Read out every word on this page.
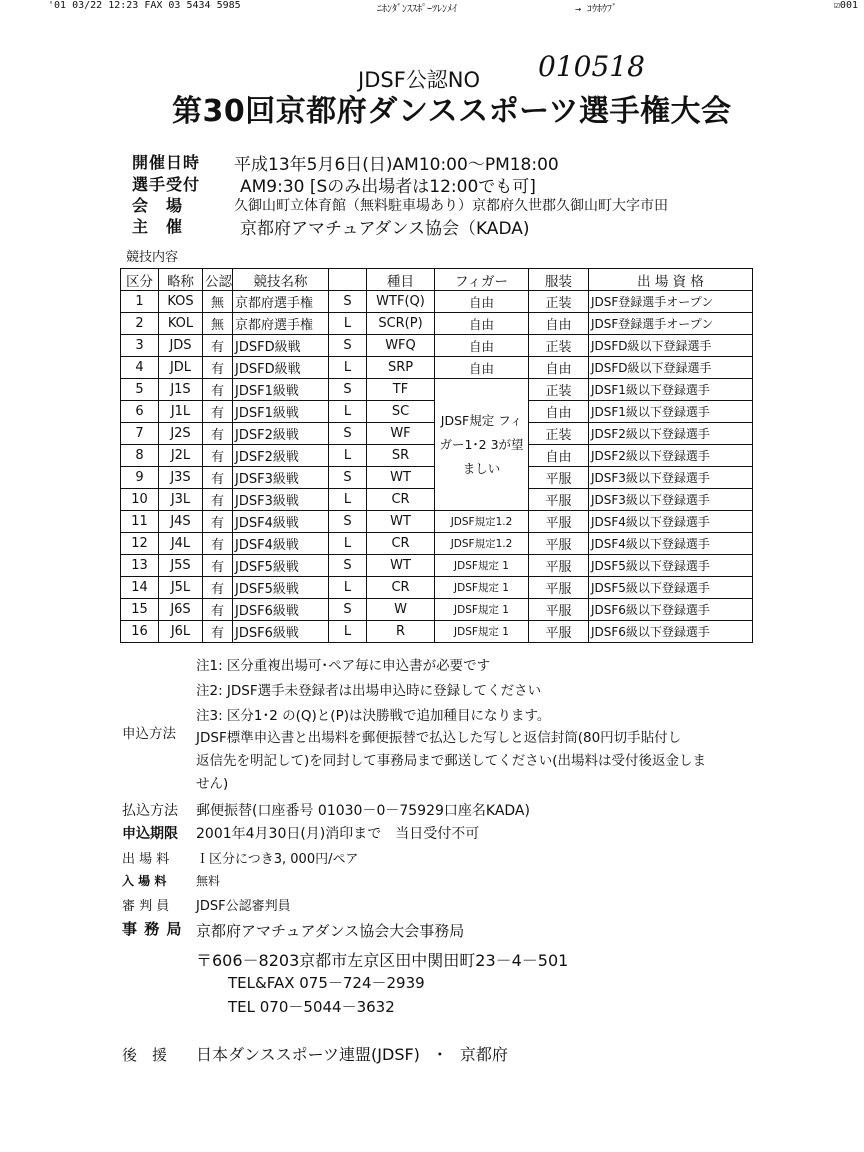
'01 03/22 12:23 FAX 03 5434 5985	ﾆﾎﾝﾀﾞﾝｽｽﾎﾟｰﾂﾚﾝﾒｲ	→ ｺｳﾎｳﾌﾞ	☑001
JDSF公認NO 010518
第30回京都府ダンススポーツ選手権大会
開催日時 平成13年5月6日(日)AM10:00～PM18:00
選手受付 AM9:30 [Sのみ出場者は12:00でも可]
会　場	久御山町立体育館（無料駐車場あり）京都府久世郡久御山町大字市田
主　催	京都府アマチュアダンス協会（KADA)
競技内容
区分	略称	公認	競技名称		種目	フィガー	服装	出 場 資 格
1	KOS	無	京都府選手権	S	WTF(Q)	自由	正装	JDSF登録選手オープン
2	KOL	無	京都府選手権	L	SCR(P)	自由	自由	JDSF登録選手オープン
3	JDS	有	JDSFD級戦	S	WFQ	自由	正装	JDSFD級以下登録選手
4	JDL	有	JDSFD級戦	L	SRP	自由	自由	JDSFD級以下登録選手
5	J1S	有	JDSF1級戦	S	TF	JDSF規定 フィガー1･2 3が望ましい	正装	JDSF1級以下登録選手
6	J1L	有	JDSF1級戦	L	SC		自由	JDSF1級以下登録選手
7	J2S	有	JDSF2級戦	S	WF		正装	JDSF2級以下登録選手
8	J2L	有	JDSF2級戦	L	SR		自由	JDSF2級以下登録選手
9	J3S	有	JDSF3級戦	S	WT		平服	JDSF3級以下登録選手
10	J3L	有	JDSF3級戦	L	CR		平服	JDSF3級以下登録選手
11	J4S	有	JDSF4級戦	S	WT	JDSF規定1.2	平服	JDSF4級以下登録選手
12	J4L	有	JDSF4級戦	L	CR	JDSF規定1.2	平服	JDSF4級以下登録選手
13	J5S	有	JDSF5級戦	S	WT	JDSF規定 1	平服	JDSF5級以下登録選手
14	J5L	有	JDSF5級戦	L	CR	JDSF規定 1	平服	JDSF5級以下登録選手
15	J6S	有	JDSF6級戦	S	W	JDSF規定 1	平服	JDSF6級以下登録選手
16	J6L	有	JDSF6級戦	L	R	JDSF規定 1	平服	JDSF6級以下登録選手
注1: 区分重複出場可･ペア毎に申込書が必要です
注2: JDSF選手未登録者は出場申込時に登録してください
注3: 区分1･2 の(Q)と(P)は決勝戦で追加種目になります。
申込方法 JDSF標準申込書と出場料を郵便振替で払込した写しと返信封筒(80円切手貼付し
返信先を明記して)を同封して事務局まで郵送してください(出場料は受付後返金しま
せん)
払込方法 郵便振替(口座番号 01030－0－75929口座名KADA)
申込期限 2001年4月30日(月)消印まで　当日受付不可
出 場 料 Ｉ区分につき3, 000円/ペア
入 場 料 無料
審 判 員 JDSF公認審判員
事 務 局 京都府アマチュアダンス協会大会事務局
〒606－8203京都市左京区田中関田町23－4－501
TEL&FAX 075－724－2939
TEL 070－5044－3632
後　援 日本ダンススポーツ連盟(JDSF)　･　京都府
